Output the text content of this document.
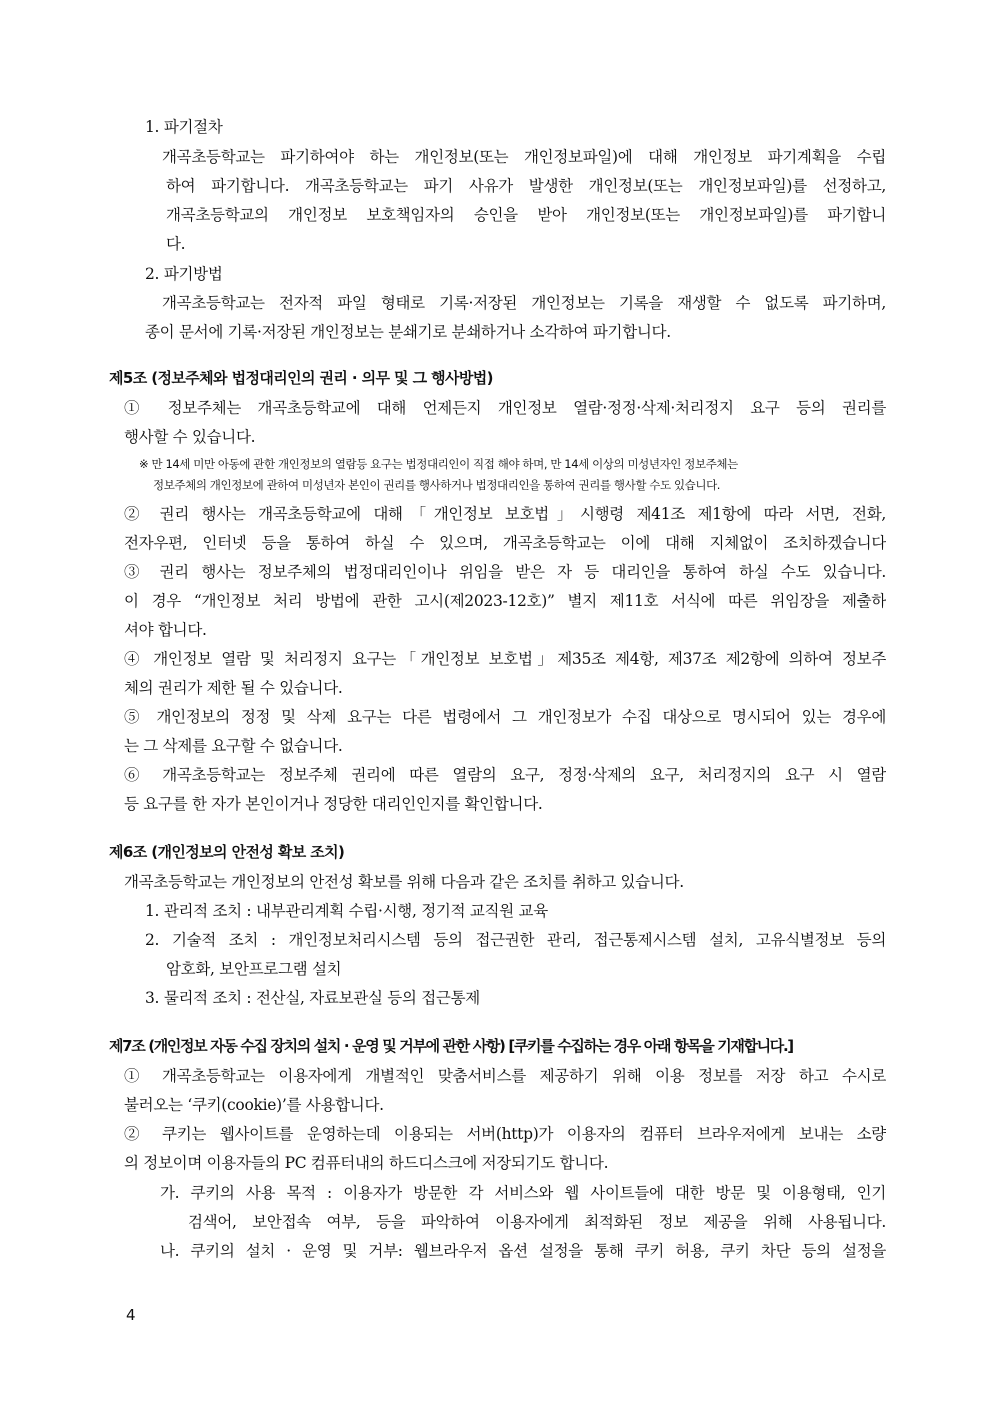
1. 파기절차
개곡초등학교는 파기하여야 하는 개인정보(또는 개인정보파일)에 대해 개인정보 파기계획을 수립
하여 파기합니다. 개곡초등학교는 파기 사유가 발생한 개인정보(또는 개인정보파일)를 선정하고,
개곡초등학교의 개인정보 보호책임자의 승인을 받아 개인정보(또는 개인정보파일)를 파기합니
다.
2. 파기방법
개곡초등학교는 전자적 파일 형태로 기록·저장된 개인정보는 기록을 재생할 수 없도록 파기하며,
종이 문서에 기록·저장된 개인정보는 분쇄기로 분쇄하거나 소각하여 파기합니다.
제5조 (정보주체와 법정대리인의 권리 · 의무 및 그 행사방법)
① 정보주체는 개곡초등학교에 대해 언제든지 개인정보 열람·정정·삭제·처리정지 요구 등의 권리를
행사할 수 있습니다.
※ 만 14세 미만 아동에 관한 개인정보의 열람등 요구는 법정대리인이 직접 해야 하며, 만 14세 이상의 미성년자인 정보주체는
정보주체의 개인정보에 관하여 미성년자 본인이 권리를 행사하거나 법정대리인을 통하여 권리를 행사할 수도 있습니다.
② 권리 행사는 개곡초등학교에 대해「개인정보 보호법」시행령 제41조 제1항에 따라 서면, 전화,
전자우편, 인터넷 등을 통하여 하실 수 있으며, 개곡초등학교는 이에 대해 지체없이 조치하겠습니다
③ 권리 행사는 정보주체의 법정대리인이나 위임을 받은 자 등 대리인을 통하여 하실 수도 있습니다.
이 경우 “개인정보 처리 방법에 관한 고시(제2023-12호)” 별지 제11호 서식에 따른 위임장을 제출하
셔야 합니다.
④ 개인정보 열람 및 처리정지 요구는「개인정보 보호법」제35조 제4항, 제37조 제2항에 의하여 정보주
체의 권리가 제한 될 수 있습니다.
⑤ 개인정보의 정정 및 삭제 요구는 다른 법령에서 그 개인정보가 수집 대상으로 명시되어 있는 경우에
는 그 삭제를 요구할 수 없습니다.
⑥ 개곡초등학교는 정보주체 권리에 따른 열람의 요구, 정정·삭제의 요구, 처리정지의 요구 시 열람
등 요구를 한 자가 본인이거나 정당한 대리인인지를 확인합니다.
제6조 (개인정보의 안전성 확보 조치)
개곡초등학교는 개인정보의 안전성 확보를 위해 다음과 같은 조치를 취하고 있습니다.
1. 관리적 조치 : 내부관리계획 수립·시행, 정기적 교직원 교육
2. 기술적 조치 : 개인정보처리시스템 등의 접근권한 관리, 접근통제시스템 설치, 고유식별정보 등의
암호화, 보안프로그램 설치
3. 물리적 조치 : 전산실, 자료보관실 등의 접근통제
제7조 (개인정보 자동 수집 장치의 설치 · 운영 및 거부에 관한 사항) [쿠키를 수집하는 경우 아래 항목을 기재합니다.]
① 개곡초등학교는 이용자에게 개별적인 맞춤서비스를 제공하기 위해 이용 정보를 저장 하고 수시로
불러오는 ‘쿠키(cookie)’를 사용합니다.
② 쿠키는 웹사이트를 운영하는데 이용되는 서버(http)가 이용자의 컴퓨터 브라우저에게 보내는 소량
의 정보이며 이용자들의 PC 컴퓨터내의 하드디스크에 저장되기도 합니다.
가. 쿠키의 사용 목적 : 이용자가 방문한 각 서비스와 웹 사이트들에 대한 방문 및 이용형태, 인기
검색어, 보안접속 여부, 등을 파악하여 이용자에게 최적화된 정보 제공을 위해 사용됩니다.
나. 쿠키의 설치 · 운영 및 거부: 웹브라우저 옵션 설정을 통해 쿠키 허용, 쿠키 차단 등의 설정을
4
